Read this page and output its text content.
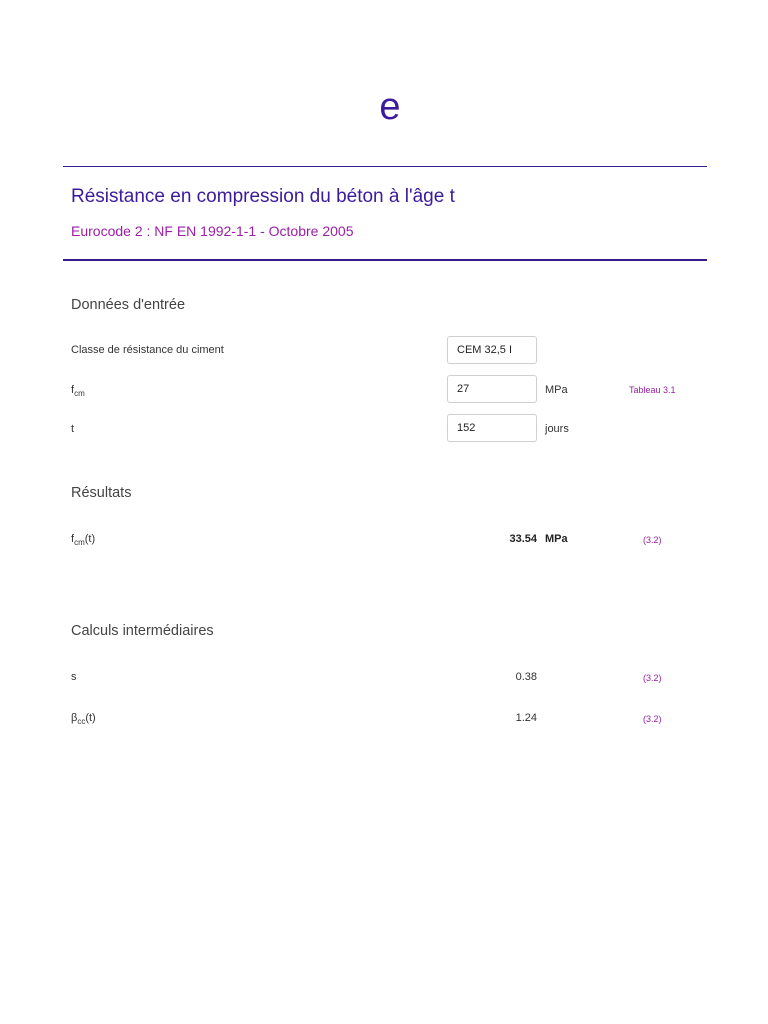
e
Résistance en compression du béton à l'âge t
Eurocode 2 : NF EN 1992-1-1 - Octobre 2005
Données d'entrée
Classe de résistance du ciment	CEM 32,5 I
$f_{cm}$	27	MPa	Tableau 3.1
t	152	jours
Résultats
$f_{cm}(t)$	33.54 MPa	(3.2)
Calculs intermédiaires
s	0.38	(3.2)
$\beta_{cc}(t)$	1.24	(3.2)
